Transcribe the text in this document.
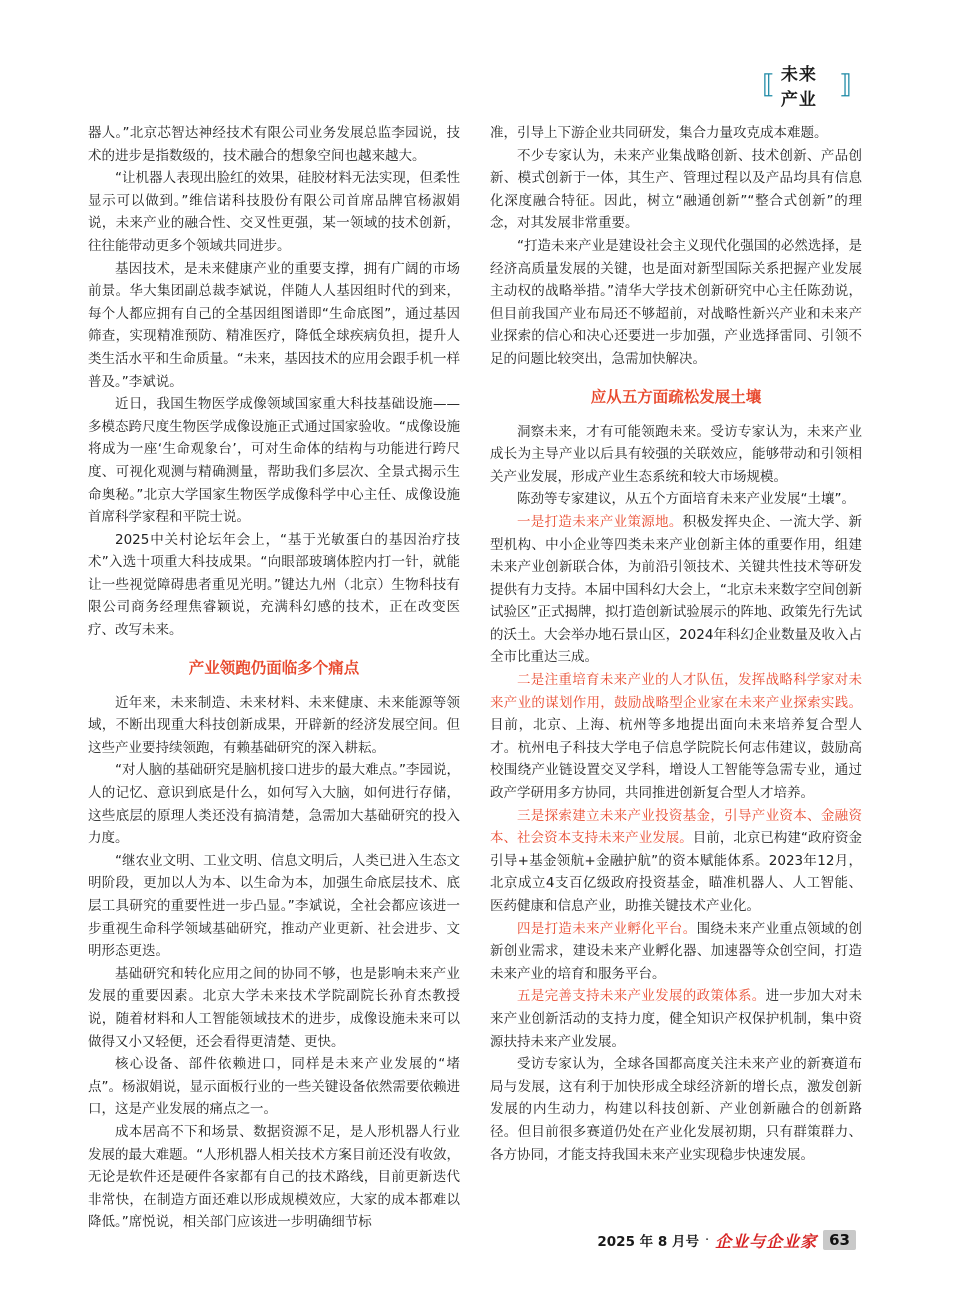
⟦ 未来产业 ⟧

器人。”北京芯智达神经技术有限公司业务发展总监李园说，技术的进步是指数级的，技术融合的想象空间也越来越大。

“让机器人表现出脸红的效果，硅胶材料无法实现，但柔性显示可以做到。”维信诺科技股份有限公司首席品牌官杨淑娟说，未来产业的融合性、交叉性更强，某一领域的技术创新，往往能带动更多个领域共同进步。

基因技术，是未来健康产业的重要支撑，拥有广阔的市场前景。华大集团副总裁李斌说，伴随人人基因组时代的到来，每个人都应拥有自己的全基因组图谱即“生命底图”，通过基因筛查，实现精准预防、精准医疗，降低全球疾病负担，提升人类生活水平和生命质量。“未来，基因技术的应用会跟手机一样普及。”李斌说。

近日，我国生物医学成像领域国家重大科技基础设施——多模态跨尺度生物医学成像设施正式通过国家验收。“成像设施将成为一座‘生命观象台’，可对生命体的结构与功能进行跨尺度、可视化观测与精确测量，帮助我们多层次、全景式揭示生命奥秘。”北京大学国家生物医学成像科学中心主任、成像设施首席科学家程和平院士说。

2025中关村论坛年会上，“基于光敏蛋白的基因治疗技术”入选十项重大科技成果。“向眼部玻璃体腔内打一针，就能让一些视觉障碍患者重见光明。”键达九州（北京）生物科技有限公司商务经理焦睿颖说，充满科幻感的技术，正在改变医疗、改写未来。

产业领跑仍面临多个痛点

近年来，未来制造、未来材料、未来健康、未来能源等领域，不断出现重大科技创新成果，开辟新的经济发展空间。但这些产业要持续领跑，有赖基础研究的深入耕耘。

“对人脑的基础研究是脑机接口进步的最大难点。”李园说，人的记忆、意识到底是什么，如何写入大脑，如何进行存储，这些底层的原理人类还没有搞清楚，急需加大基础研究的投入力度。

“继农业文明、工业文明、信息文明后，人类已进入生态文明阶段，更加以人为本、以生命为本，加强生命底层技术、底层工具研究的重要性进一步凸显。”李斌说，全社会都应该进一步重视生命科学领域基础研究，推动产业更新、社会进步、文明形态更迭。

基础研究和转化应用之间的协同不够，也是影响未来产业发展的重要因素。北京大学未来技术学院副院长孙育杰教授说，随着材料和人工智能领域技术的进步，成像设施未来可以做得又小又轻便，还会看得更清楚、更快。

核心设备、部件依赖进口，同样是未来产业发展的“堵点”。杨淑娟说，显示面板行业的一些关键设备依然需要依赖进口，这是产业发展的痛点之一。

成本居高不下和场景、数据资源不足，是人形机器人行业发展的最大难题。“人形机器人相关技术方案目前还没有收敛，无论是软件还是硬件各家都有自己的技术路线，目前更新迭代非常快，在制造方面还难以形成规模效应，大家的成本都难以降低。”席悦说，相关部门应该进一步明确细节标

准，引导上下游企业共同研发，集合力量攻克成本难题。

不少专家认为，未来产业集战略创新、技术创新、产品创新、模式创新于一体，其生产、管理过程以及产品均具有信息化深度融合特征。因此，树立“融通创新”“整合式创新”的理念，对其发展非常重要。

“打造未来产业是建设社会主义现代化强国的必然选择，是经济高质量发展的关键，也是面对新型国际关系把握产业发展主动权的战略举措。”清华大学技术创新研究中心主任陈劲说，但目前我国产业布局还不够超前，对战略性新兴产业和未来产业探索的信心和决心还要进一步加强，产业选择雷同、引领不足的问题比较突出，急需加快解决。

应从五方面疏松发展土壤

洞察未来，才有可能领跑未来。受访专家认为，未来产业成长为主导产业以后具有较强的关联效应，能够带动和引领相关产业发展，形成产业生态系统和较大市场规模。

陈劲等专家建议，从五个方面培育未来产业发展“土壤”。

一是打造未来产业策源地。积极发挥央企、一流大学、新型机构、中小企业等四类未来产业创新主体的重要作用，组建未来产业创新联合体，为前沿引领技术、关键共性技术等研发提供有力支持。本届中国科幻大会上，“北京未来数字空间创新试验区”正式揭牌，拟打造创新试验展示的阵地、政策先行先试的沃土。大会举办地石景山区，2024年科幻企业数量及收入占全市比重达三成。

二是注重培育未来产业的人才队伍，发挥战略科学家对未来产业的谋划作用，鼓励战略型企业家在未来产业探索实践。目前，北京、上海、杭州等多地提出面向未来培养复合型人才。杭州电子科技大学电子信息学院院长何志伟建议，鼓励高校围绕产业链设置交叉学科，增设人工智能等急需专业，通过政产学研用多方协同，共同推进创新复合型人才培养。

三是探索建立未来产业投资基金，引导产业资本、金融资本、社会资本支持未来产业发展。目前，北京已构建“政府资金引导+基金领航+金融护航”的资本赋能体系。2023年12月，北京成立4支百亿级政府投资基金，瞄准机器人、人工智能、医药健康和信息产业，助推关键技术产业化。

四是打造未来产业孵化平台。围绕未来产业重点领域的创新创业需求，建设未来产业孵化器、加速器等众创空间，打造未来产业的培育和服务平台。

五是完善支持未来产业发展的政策体系。进一步加大对未来产业创新活动的支持力度，健全知识产权保护机制，集中资源扶持未来产业发展。

受访专家认为，全球各国都高度关注未来产业的新赛道布局与发展，这有利于加快形成全球经济新的增长点，激发创新发展的内生动力，构建以科技创新、产业创新融合的创新路径。但目前很多赛道仍处在产业化发展初期，只有群策群力、各方协同，才能支持我国未来产业实现稳步快速发展。

2025 年 8 月号 · 企业与企业家 63
